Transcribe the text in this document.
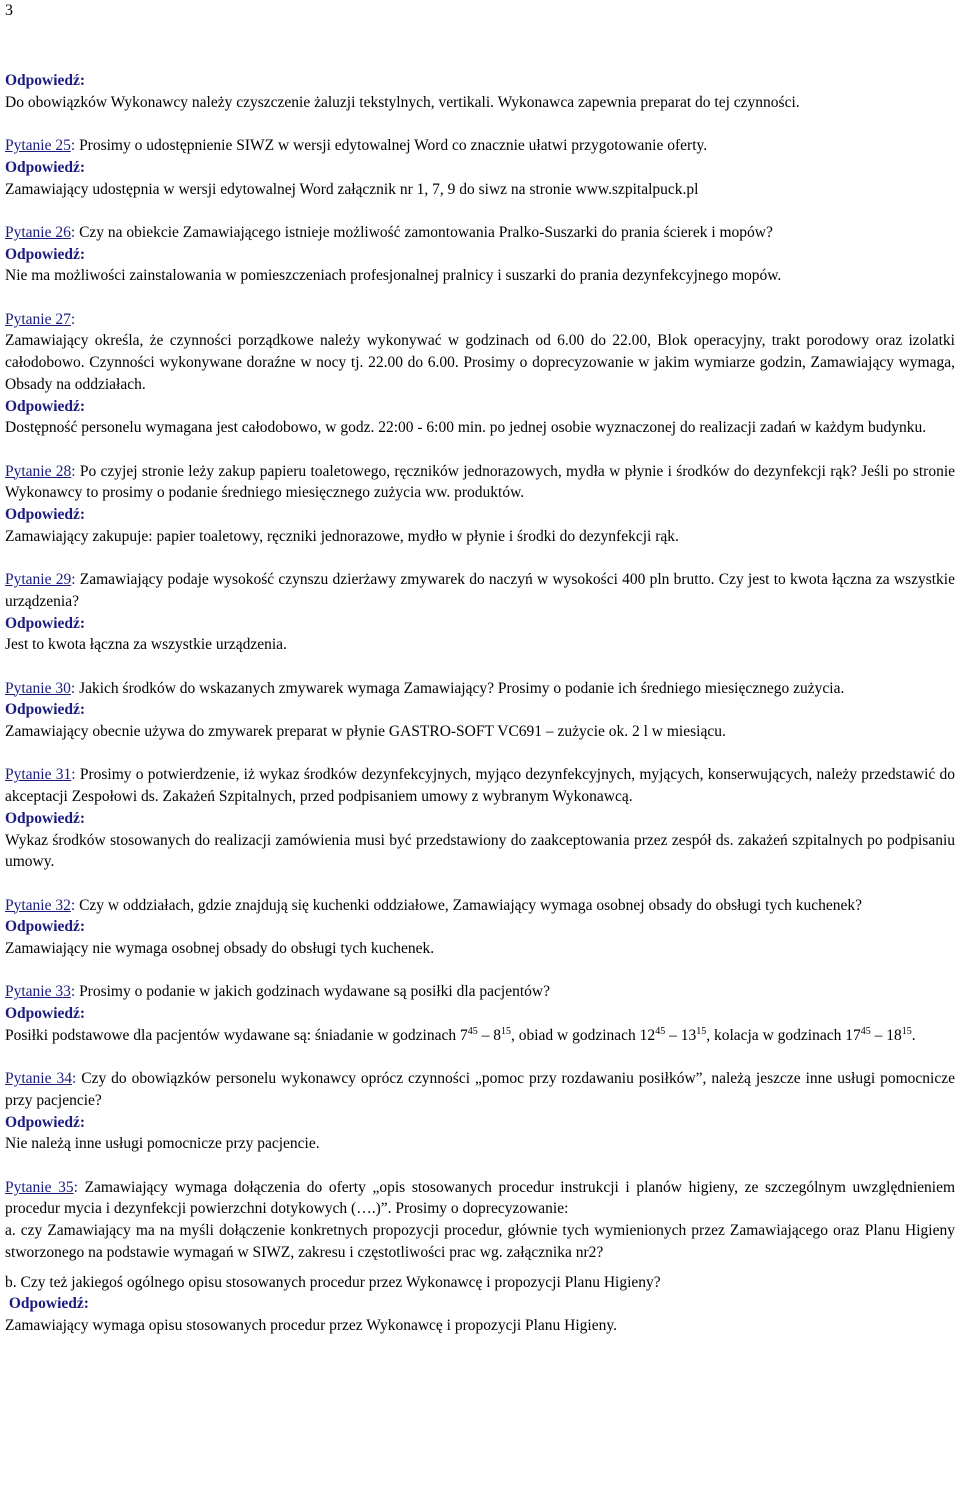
3

Odpowiedź:

Do obowiązków Wykonawcy należy czyszczenie żaluzji tekstylnych, vertikali. Wykonawca zapewnia preparat do tej czynności.

Pytanie 25: Prosimy o udostępnienie SIWZ w wersji edytowalnej Word co znacznie ułatwi przygotowanie oferty.

Odpowiedź:

Zamawiający udostępnia w wersji edytowalnej Word załącznik nr 1, 7, 9 do siwz na stronie www.szpitalpuck.pl

Pytanie 26: Czy na obiekcie Zamawiającego istnieje możliwość zamontowania Pralko-Suszarki do prania ścierek i mopów?

Odpowiedź:

Nie ma możliwości zainstalowania w pomieszczeniach profesjonalnej pralnicy i suszarki do prania dezynfekcyjnego mopów.

Pytanie 27:

Zamawiający określa, że czynności porządkowe należy wykonywać w godzinach od 6.00 do 22.00, Blok operacyjny, trakt porodowy oraz izolatki całodobowo. Czynności wykonywane doraźne w nocy tj. 22.00 do 6.00. Prosimy o doprecyzowanie w jakim wymiarze godzin, Zamawiający wymaga, Obsady na oddziałach.

Odpowiedź:

Dostępność personelu wymagana jest całodobowo, w godz. 22:00 - 6:00 min. po jednej osobie wyznaczonej do realizacji zadań w każdym budynku.

Pytanie 28: Po czyjej stronie leży zakup papieru toaletowego, ręczników jednorazowych, mydła w płynie i środków do dezynfekcji rąk? Jeśli po stronie Wykonawcy to prosimy o podanie średniego miesięcznego zużycia ww. produktów.

Odpowiedź:

Zamawiający zakupuje: papier toaletowy, ręczniki jednorazowe, mydło w płynie i środki do dezynfekcji rąk.

Pytanie 29: Zamawiający podaje wysokość czynszu dzierżawy zmywarek do naczyń w wysokości 400 pln brutto. Czy jest to kwota łączna za wszystkie urządzenia?

Odpowiedź:

Jest to kwota łączna za wszystkie urządzenia.

Pytanie 30: Jakich środków do wskazanych zmywarek wymaga Zamawiający? Prosimy o podanie ich średniego miesięcznego zużycia.

Odpowiedź:

Zamawiający obecnie używa do zmywarek preparat w płynie GASTRO-SOFT VC691 – zużycie ok. 2 l w miesiącu.

Pytanie 31: Prosimy o potwierdzenie, iż wykaz środków dezynfekcyjnych, myjąco dezynfekcyjnych, myjących, konserwujących, należy przedstawić do akceptacji Zespołowi ds. Zakażeń Szpitalnych, przed podpisaniem umowy z wybranym Wykonawcą.

Odpowiedź:

Wykaz środków stosowanych do realizacji zamówienia musi być przedstawiony do zaakceptowania przez zespół ds. zakażeń szpitalnych po podpisaniu umowy.

Pytanie 32: Czy w oddziałach, gdzie znajdują się kuchenki oddziałowe, Zamawiający wymaga osobnej obsady do obsługi tych kuchenek?

Odpowiedź:

Zamawiający nie wymaga osobnej obsady do obsługi tych kuchenek.

Pytanie 33: Prosimy o podanie w jakich godzinach wydawane są posiłki dla pacjentów?

Odpowiedź:

Posiłki podstawowe dla pacjentów wydawane są: śniadanie w godzinach $7^{45} - 8^{15}$, obiad w godzinach $12^{45} - 13^{15}$, kolacja w godzinach $17^{45} - 18^{15}$.

Pytanie 34: Czy do obowiązków personelu wykonawcy oprócz czynności „pomoc przy rozdawaniu posiłków”, należą jeszcze inne usługi pomocnicze przy pacjencie?

Odpowiedź:

Nie należą inne usługi pomocnicze przy pacjencie.

Pytanie 35: Zamawiający wymaga dołączenia do oferty „opis stosowanych procedur instrukcji i planów higieny, ze szczególnym uwzględnieniem procedur mycia i dezynfekcji powierzchni dotykowych (….)”. Prosimy o doprecyzowanie:

a. czy Zamawiający ma na myśli dołączenie konkretnych propozycji procedur, głównie tych wymienionych przez Zamawiającego oraz Planu Higieny stworzonego na podstawie wymagań w SIWZ, zakresu i częstotliwości prac wg. załącznika nr2?

b. Czy też jakiegoś ogólnego opisu stosowanych procedur przez Wykonawcę i propozycji Planu Higieny?

Odpowiedź:

Zamawiający wymaga opisu stosowanych procedur przez Wykonawcę i propozycji Planu Higieny.
